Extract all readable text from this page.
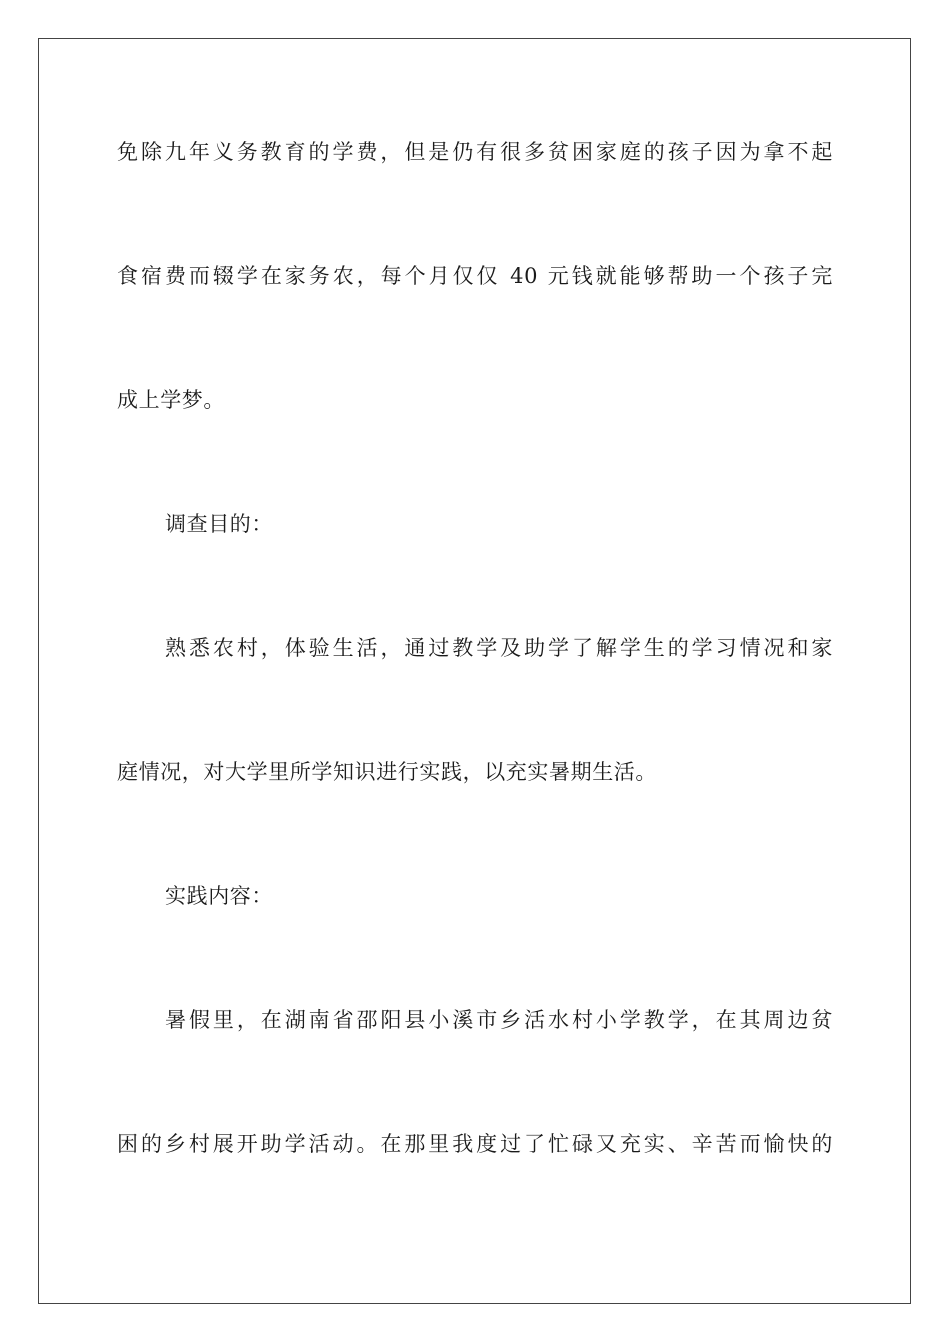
免除九年义务教育的学费，但是仍有很多贫困家庭的孩子因为拿不起
食宿费而辍学在家务农，每个月仅仅 40 元钱就能够帮助一个孩子完
成上学梦。
调查目的：
熟悉农村，体验生活，通过教学及助学了解学生的学习情况和家
庭情况，对大学里所学知识进行实践，以充实暑期生活。
实践内容：
暑假里，在湖南省邵阳县小溪市乡活水村小学教学，在其周边贫
困的乡村展开助学活动。在那里我度过了忙碌又充实、辛苦而愉快的
